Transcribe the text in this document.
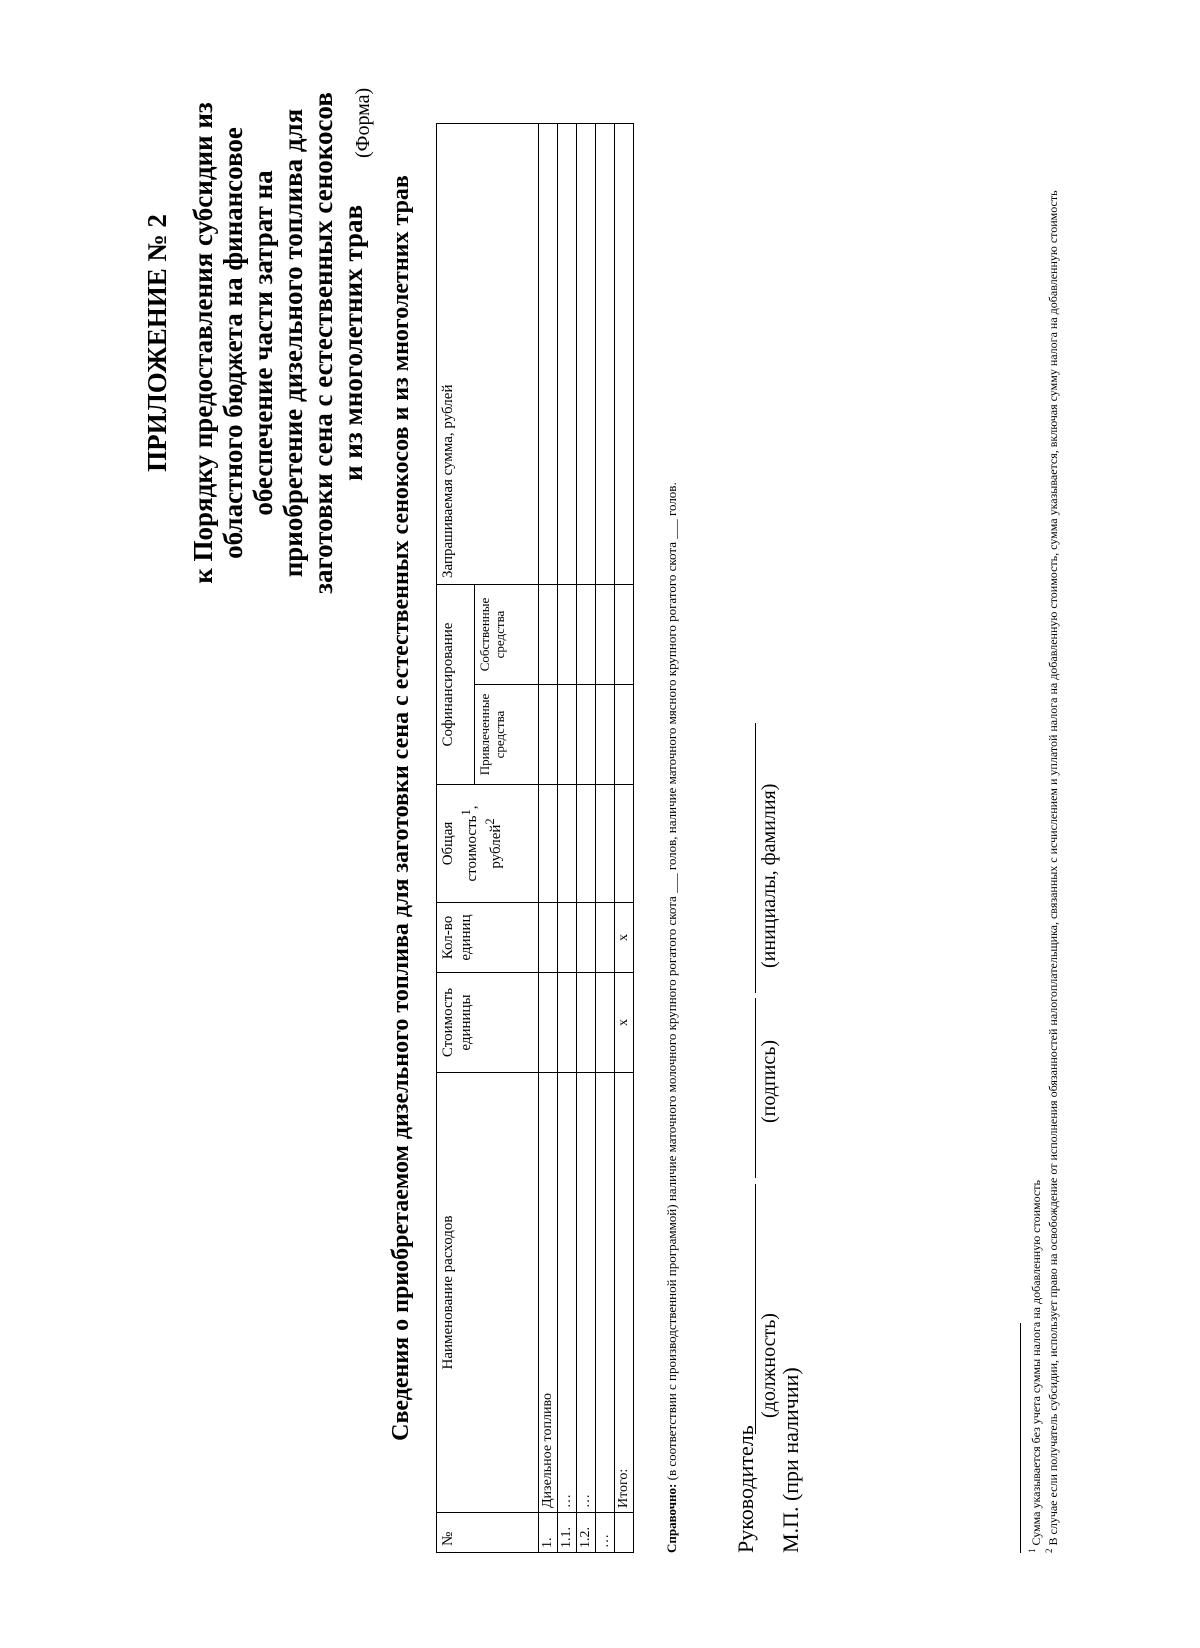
ПРИЛОЖЕНИЕ № 2 к Порядку предоставления субсидии из областного бюджета на финансовое обеспечение части затрат на приобретение дизельного топлива для заготовки сена с естественных сенокосов и из многолетних трав
(Форма)
Сведения о приобретаемом дизельного топлива для заготовки сена с естественных сенокосов и из многолетних трав
№	Наименование расходов	Стоимость единицы	Кол-во единиц	Общая стоимость$^1$, рублей$^2$	Софинансирование		Запрашиваемая сумма, рублей
					Привлеченные средства	Собственные средства	
1.	Дизельное топливо						
1.1.	…						
1.2.	…						
…							
	Итого:	х	х				
Справочно: (в соответствии с производственной программой) наличие маточного молочного крупного рогатого скота ___ голов, наличие маточного мясного крупного рогатого скота ___ голов.
Руководитель
(должность)
(подпись)
(инициалы, фамилия)
М.П. (при наличии)	$^1$ Сумма указывается без учета суммы налога на добавленную стоимость
$^2$ В случае если получатель субсидии, использует право на освобождение от исполнения обязанностей налогоплательщика, связанных с исчислением и уплатой налога на добавленную стоимость, сумма указывается, включая сумму налога на добавленную стоимость
